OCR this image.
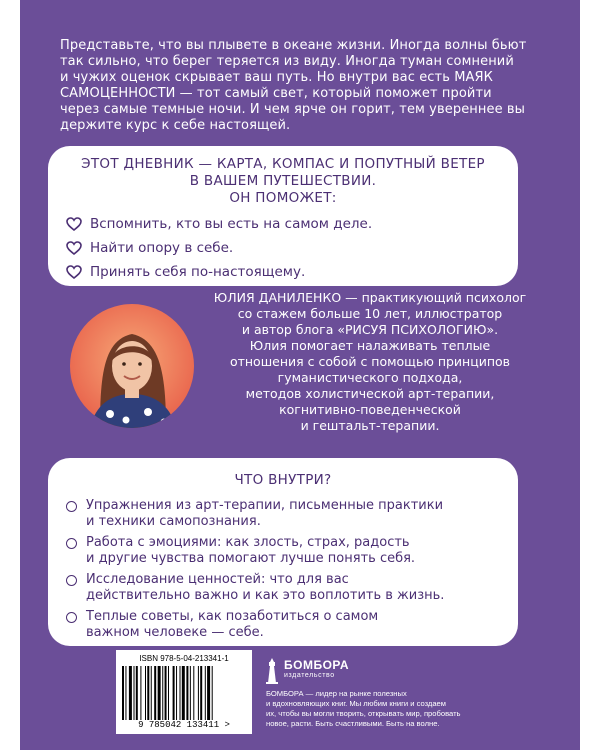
Представьте, что вы плывете в океане жизни. Иногда волны бьют
так сильно, что берег теряется из виду. Иногда туман сомнений
и чужих оценок скрывает ваш путь. Но внутри вас есть МАЯК
САМОЦЕННОСТИ — тот самый свет, который поможет пройти
через самые темные ночи. И чем ярче он горит, тем увереннее вы
держите курс к себе настоящей.
ЭТОТ ДНЕВНИК — КАРТА, КОМПАС И ПОПУТНЫЙ ВЕТЕР
В ВАШЕМ ПУТЕШЕСТВИИ.
ОН ПОМОЖЕТ:
Вспомнить, кто вы есть на самом деле.
Найти опору в себе.
Принять себя по-настоящему.
ЮЛИЯ ДАНИЛЕНКО — практикующий психолог
со стажем больше 10 лет, иллюстратор
и автор блога «РИСУЯ ПСИХОЛОГИЮ».
Юлия помогает налаживать теплые
отношения с собой с помощью принципов
гуманистического подхода,
методов холистической арт-терапии,
когнитивно-поведенческой
и гештальт-терапии.
ЧТО ВНУТРИ?
Упражнения из арт-терапии, письменные практики
и техники самопознания.
Работа с эмоциями: как злость, страх, радость
и другие чувства помогают лучше понять себя.
Исследование ценностей: что для вас
действительно важно и как это воплотить в жизнь.
Теплые советы, как позаботиться о самом
важном человеке — себе.
ISBN 978-5-04-213341-1
9 785042 133411 >
БОМБОРА
издательство
БОМБОРА — лидер на рынке полезных
и вдохновляющих книг. Мы любим книги и создаем
их, чтобы вы могли творить, открывать мир, пробовать
новое, расти. Быть счастливыми. Быть на волне.
